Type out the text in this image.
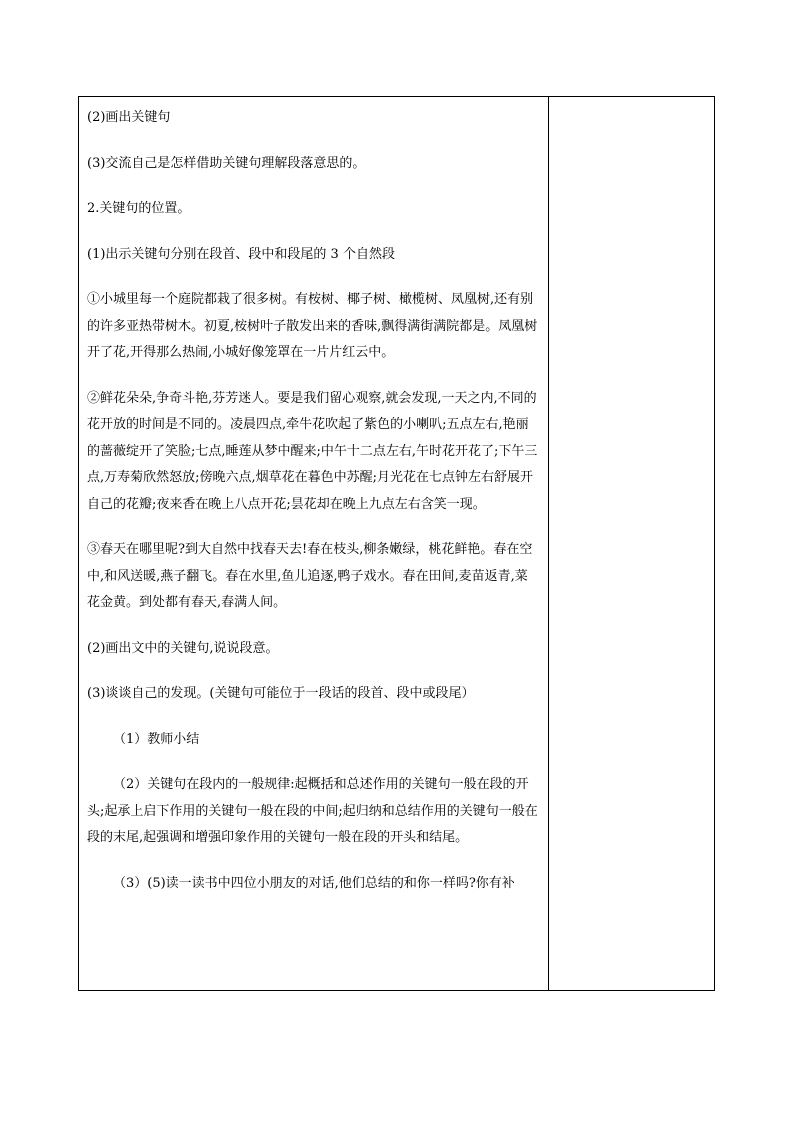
(2)画出关键句

(3)交流自己是怎样借助关键句理解段落意思的。

2.关键句的位置。

(1)出示关键句分别在段首、段中和段尾的 3 个自然段

①小城里每一个庭院都栽了很多树。有桉树、椰子树、橄榄树、凤凰树,还有别的许多亚热带树木。初夏,桉树叶子散发出来的香味,飘得满街满院都是。凤凰树开了花,开得那么热闹,小城好像笼罩在一片片红云中。

②鲜花朵朵,争奇斗艳,芬芳迷人。要是我们留心观察,就会发现,一天之内,不同的花开放的时间是不同的。凌晨四点,牵牛花吹起了紫色的小喇叭;五点左右,艳丽的蔷薇绽开了笑脸;七点,睡莲从梦中醒来;中午十二点左右,午时花开花了;下午三点,万寿菊欣然怒放;傍晚六点,烟草花在暮色中苏醒;月光花在七点钟左右舒展开自己的花瓣;夜来香在晚上八点开花;昙花却在晚上九点左右含笑一现。

③春天在哪里呢?到大自然中找春天去!春在枝头,柳条嫩绿，桃花鲜艳。春在空中,和风送暖,燕子翻飞。春在水里,鱼儿追逐,鸭子戏水。春在田间,麦苗返青,菜花金黄。到处都有春天,春满人间。

(2)画出文中的关键句,说说段意。

(3)谈谈自己的发现。(关键句可能位于一段话的段首、段中或段尾）

（1）教师小结

（2）关键句在段内的一般规律:起概括和总述作用的关键句一般在段的开头;起承上启下作用的关键句一般在段的中间;起归纳和总结作用的关键句一般在段的末尾,起强调和增强印象作用的关键句一般在段的开头和结尾。

（3）(5)读一读书中四位小朋友的对话,他们总结的和你一样吗?你有补
